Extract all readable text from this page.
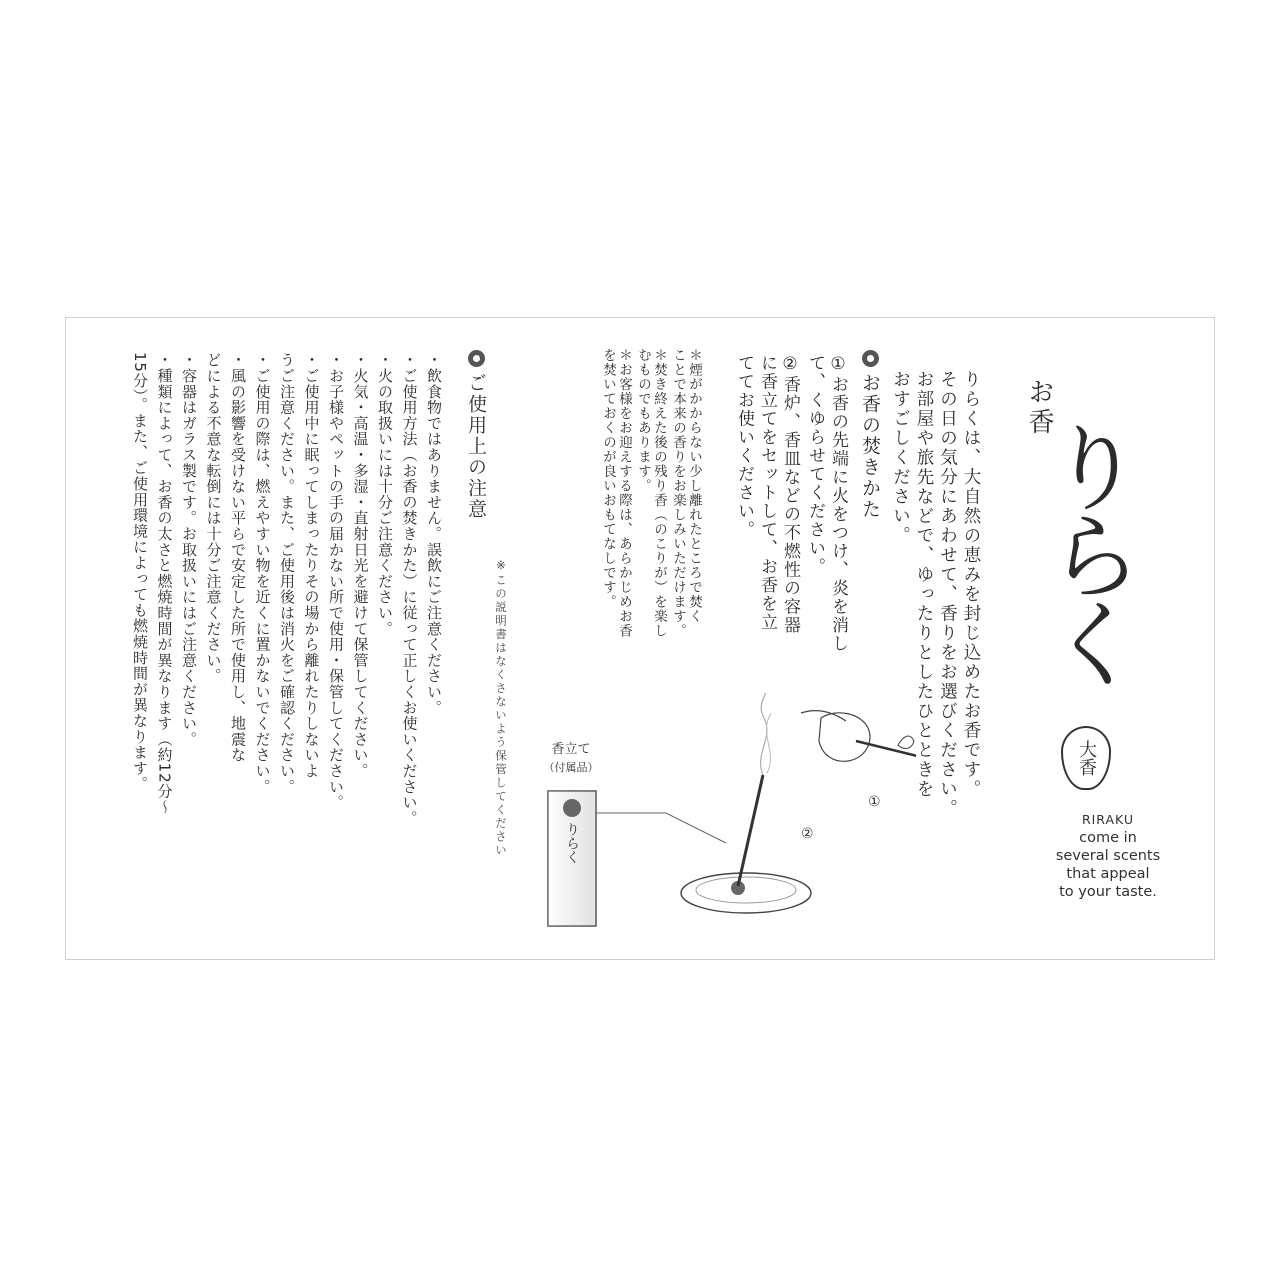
お香
りらく
大香
RIRAKU
come in
several scents
that appeal
to your taste.
りらくは、大自然の恵みを封じ込めたお香です。
その日の気分にあわせて、香りをお選びください。
お部屋や旅先などで、ゆったりとしたひとときを
おすごしください。
お香の焚きかた
①お香の先端に火をつけ、炎を消し
て、くゆらせてください。
②香炉、香皿などの不燃性の容器
に香立てをセットして、お香を立
ててお使いください。
＊煙がかからない少し離れたところで焚く
ことで本来の香りをお楽しみいただけます。
＊焚き終えた後の残り香（のこりが）を楽し
むものでもあります。
＊お客様をお迎えする際は、あらかじめお香
を焚いておくのが良いおもてなしです。
香立て
（付属品）
りらく	②
①
ご使用上の注意
※この説明書はなくさないよう保管してください
・飲食物ではありません。誤飲にご注意ください。
・ご使用方法（お香の焚きかた）に従って正しくお使いください。
・火の取扱いには十分ご注意ください。
・火気・高温・多湿・直射日光を避けて保管してください。
・お子様やペットの手の届かない所で使用・保管してください。
・ご使用中に眠ってしまったりその場から離れたりしないよ
うご注意ください。また、ご使用後は消火をご確認ください。
・ご使用の際は、燃えやすい物を近くに置かないでください。
・風の影響を受けない平らで安定した所で使用し、地震な
どによる不意な転倒には十分ご注意ください。
・容器はガラス製です。お取扱いにはご注意ください。
・種類によって、お香の太さと燃焼時間が異なります（約12分〜
15分）。また、ご使用環境によっても燃焼時間が異なります。
